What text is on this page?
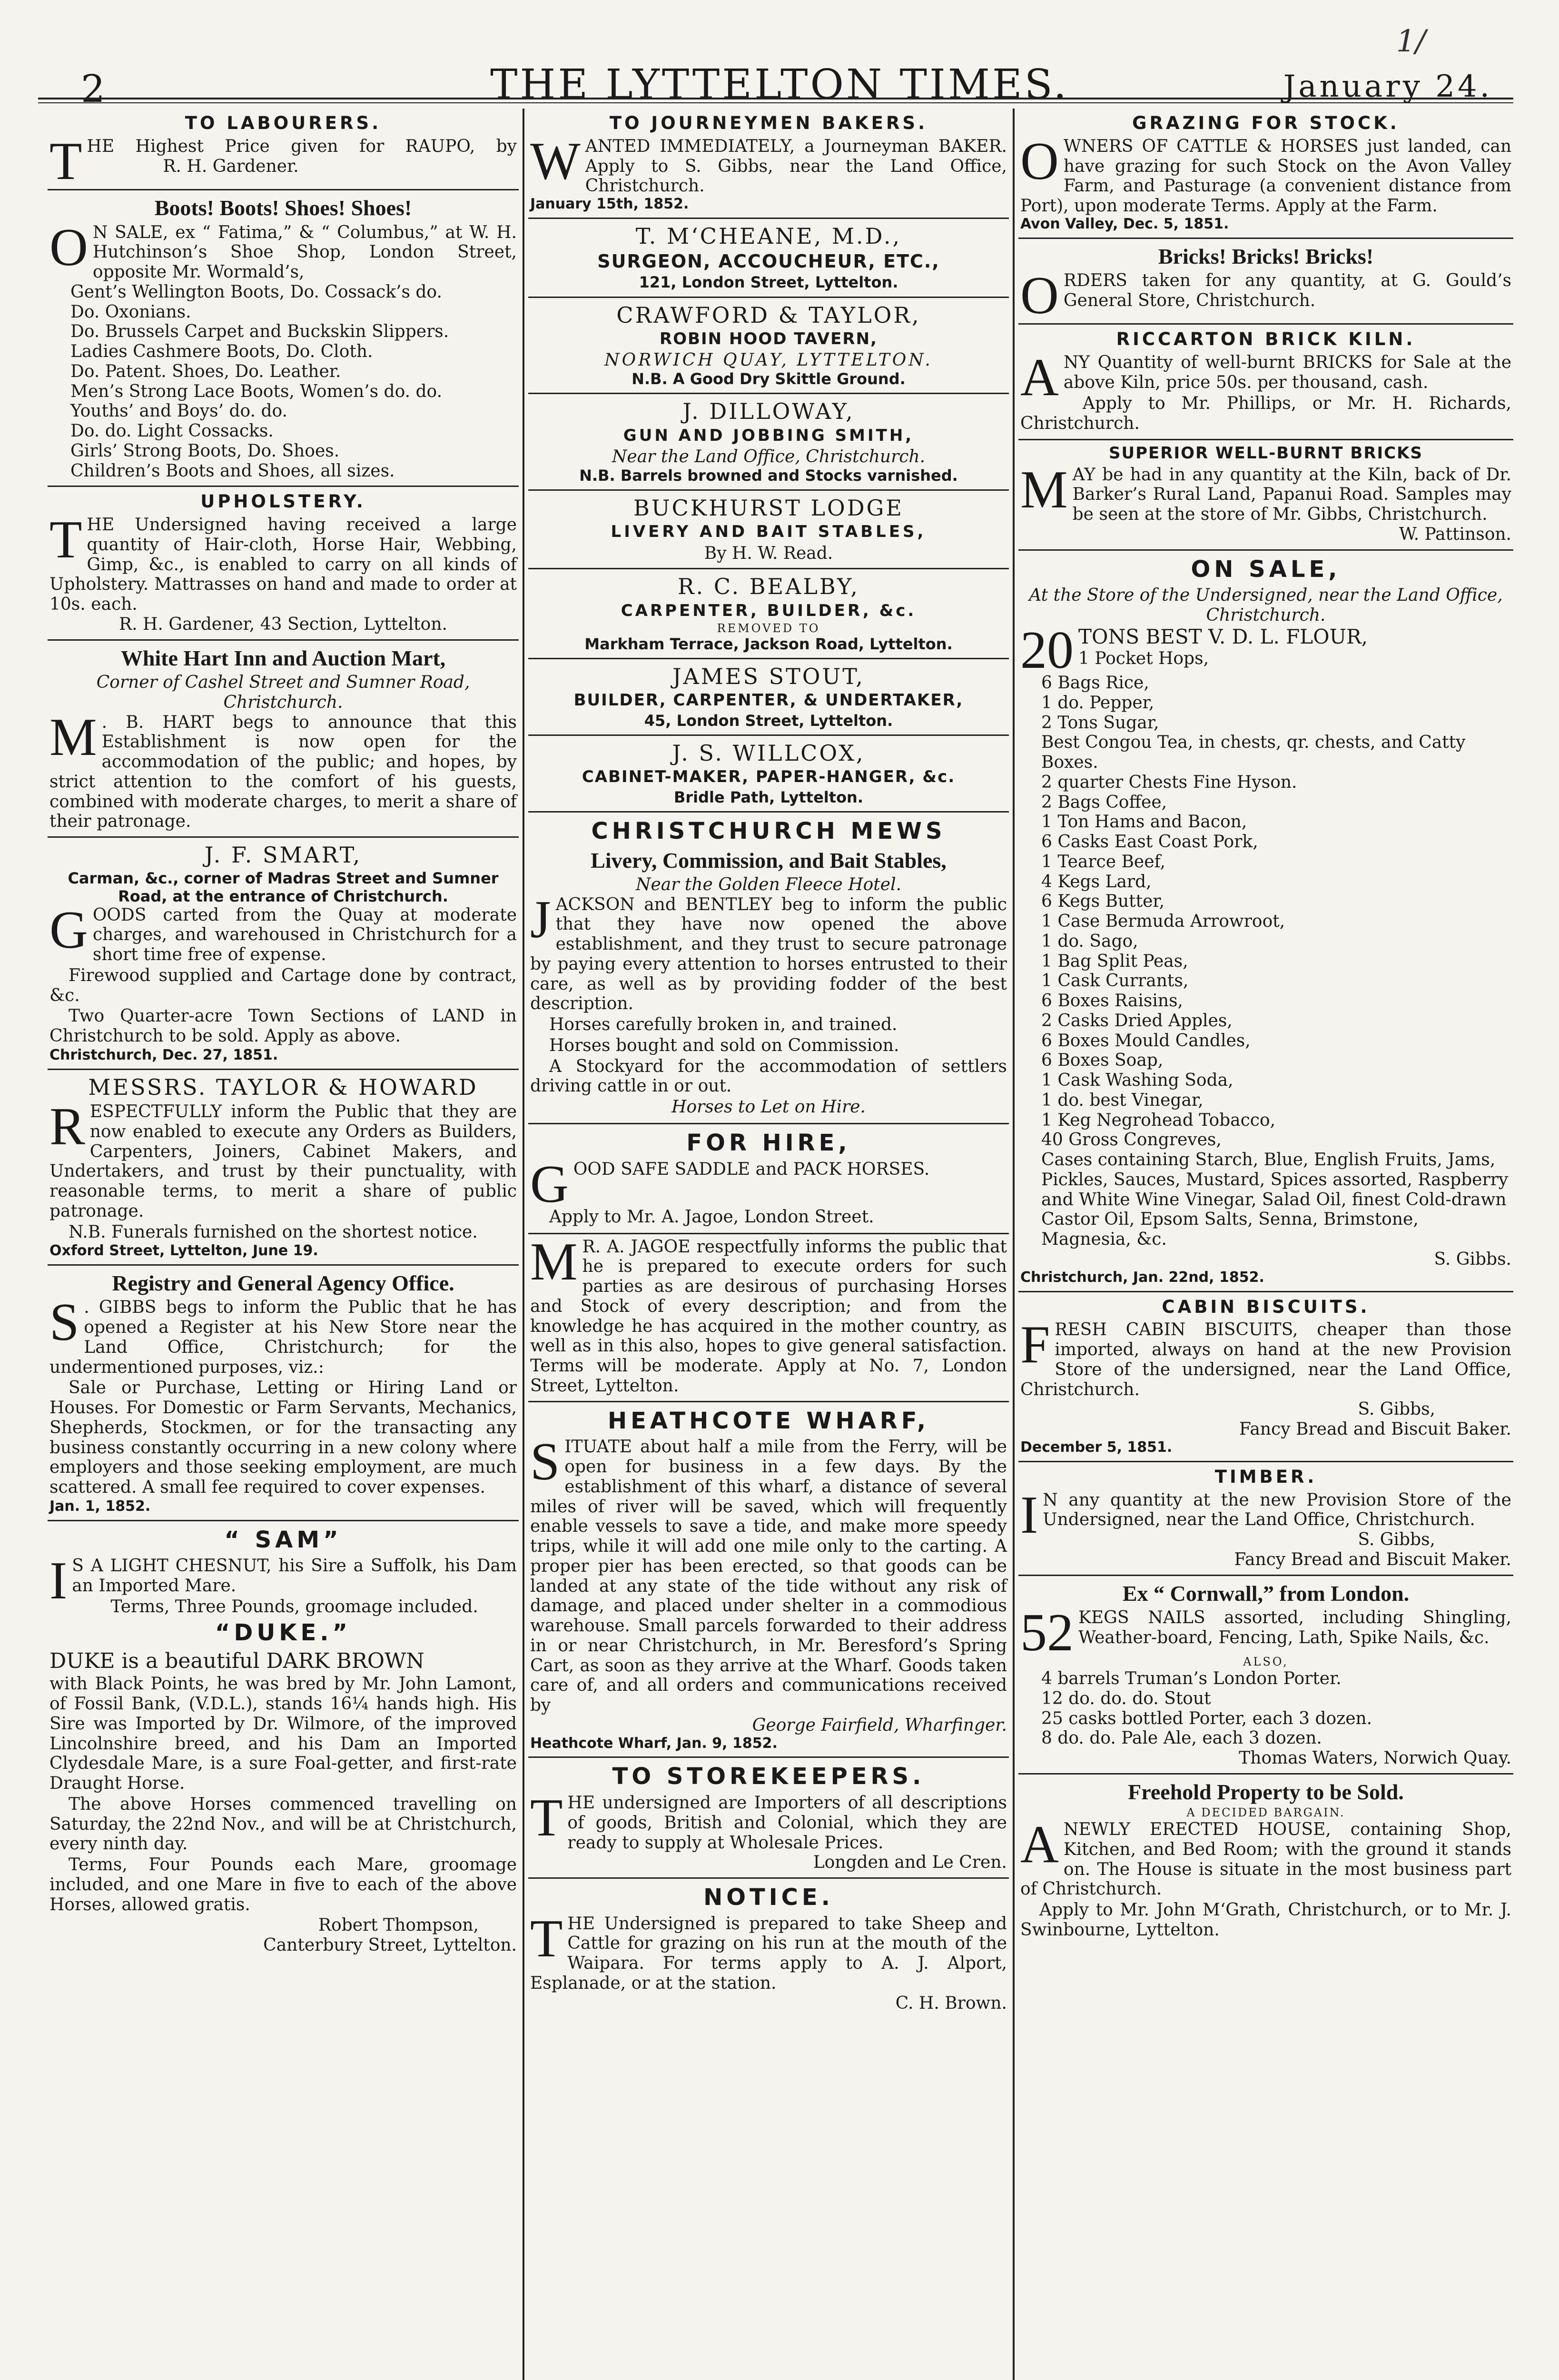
2
1/
THE LYTTELTON TIMES.	January 24.
TO LABOURERS.
T HE Highest Price given for RAUPO, by R. H. Gardener.
Boots! Boots! Shoes! Shoes!
O N SALE, ex “ Fatima,” & “ Columbus,” at W. H. Hutchinson’s Shoe Shop, London Street, opposite Mr. Wormald’s,
Gent’s Wellington Boots, Do. Cossack’s do.
Do. Oxonians.
Do. Brussels Carpet and Buckskin Slippers.
Ladies Cashmere Boots, Do. Cloth.
Do. Patent. Shoes, Do. Leather.
Men’s Strong Lace Boots, Women’s do. do.
Youths’ and Boys’ do. do.
Do. do. Light Cossacks.
Girls’ Strong Boots, Do. Shoes.
Children’s Boots and Shoes, all sizes.
UPHOLSTERY.
T HE Undersigned having received a large quantity of Hair-cloth, Horse Hair, Webbing, Gimp, &c., is enabled to carry on all kinds of Upholstery. Mattrasses on hand and made to order at 10s. each.
R. H. Gardener, 43 Section, Lyttelton.
White Hart Inn and Auction Mart,
Corner of Cashel Street and Sumner Road, Christchurch.
M . B. HART begs to announce that this Establishment is now open for the accommodation of the public; and hopes, by strict attention to the comfort of his guests, combined with moderate charges, to merit a share of their patronage.
J. F. SMART,
Carman, &c., corner of Madras Street and Sumner Road, at the entrance of Christchurch.
G OODS carted from the Quay at moderate charges, and warehoused in Christchurch for a short time free of expense.

Firewood supplied and Cartage done by contract, &c.

Two Quarter-acre Town Sections of LAND in Christchurch to be sold. Apply as above.

Christchurch, Dec. 27, 1851.
MESSRS. TAYLOR & HOWARD
R ESPECTFULLY inform the Public that they are now enabled to execute any Orders as Builders, Carpenters, Joiners, Cabinet Makers, and Undertakers, and trust by their punctuality, with reasonable terms, to merit a share of public patronage.

N.B. Funerals furnished on the shortest notice.

Oxford Street, Lyttelton, June 19.
Registry and General Agency Office.
S . GIBBS begs to inform the Public that he has opened a Register at his New Store near the Land Office, Christchurch; for the undermentioned purposes, viz.:

Sale or Purchase, Letting or Hiring Land or Houses. For Domestic or Farm Servants, Mechanics, Shepherds, Stockmen, or for the transacting any business constantly occurring in a new colony where employers and those seeking employment, are much scattered. A small fee required to cover expenses.

Jan. 1, 1852.
“ SAM”
I S A LIGHT CHESNUT, his Sire a Suffolk, his Dam an Imported Mare.

Terms, Three Pounds, groomage included.

“DUKE.”

DUKE is a beautiful DARK BROWN

with Black Points, he was bred by Mr. John Lamont, of Fossil Bank, (V.D.L.), stands 16¼ hands high. His Sire was Imported by Dr. Wilmore, of the improved Lincolnshire breed, and his Dam an Imported Clydesdale Mare, is a sure Foal-getter, and first-rate Draught Horse.

The above Horses commenced travelling on Saturday, the 22nd Nov., and will be at Christchurch, every ninth day.

Terms, Four Pounds each Mare, groomage included, and one Mare in five to each of the above Horses, allowed gratis.

Robert Thompson,
Canterbury Street, Lyttelton.
TO JOURNEYMEN BAKERS.
W ANTED IMMEDIATELY, a Journeyman BAKER. Apply to S. Gibbs, near the Land Office, Christchurch.
January 15th, 1852.
T. M‘CHEANE, M.D.,
SURGEON, ACCOUCHEUR, ETC.,
121, London Street, Lyttelton.
CRAWFORD & TAYLOR,
ROBIN HOOD TAVERN,
NORWICH QUAY, LYTTELTON.
N.B. A Good Dry Skittle Ground.
J. DILLOWAY,
GUN AND JOBBING SMITH,
Near the Land Office, Christchurch.
N.B. Barrels browned and Stocks varnished.
BUCKHURST LODGE
LIVERY AND BAIT STABLES,
By H. W. Read.
R. C. BEALBY,
CARPENTER, BUILDER, &c.
REMOVED TO
Markham Terrace, Jackson Road, Lyttelton.
JAMES STOUT,
BUILDER, CARPENTER, & UNDERTAKER,
45, London Street, Lyttelton.
J. S. WILLCOX,
CABINET-MAKER, PAPER-HANGER, &c.
Bridle Path, Lyttelton.
CHRISTCHURCH MEWS
Livery, Commission, and Bait Stables,
Near the Golden Fleece Hotel.
J ACKSON and BENTLEY beg to inform the public that they have now opened the above establishment, and they trust to secure patronage by paying every attention to horses entrusted to their care, as well as by providing fodder of the best description.

Horses carefully broken in, and trained.

Horses bought and sold on Commission.

A Stockyard for the accommodation of settlers driving cattle in or out.

Horses to Let on Hire.

FOR HIRE,
G OOD SAFE SADDLE and PACK HORSES.

Apply to Mr. A. Jagoe, London Street.

M R. A. JAGOE respectfully informs the public that he is prepared to execute orders for such parties as are desirous of purchasing Horses and Stock of every description; and from the knowledge he has acquired in the mother country, as well as in this also, hopes to give general satisfaction. Terms will be moderate. Apply at No. 7, London Street, Lyttelton.
HEATHCOTE WHARF,
S ITUATE about half a mile from the Ferry, will be open for business in a few days. By the establishment of this wharf, a distance of several miles of river will be saved, which will frequently enable vessels to save a tide, and make more speedy trips, while it will add one mile only to the carting. A proper pier has been erected, so that goods can be landed at any state of the tide without any risk of damage, and placed under shelter in a commodious warehouse. Small parcels forwarded to their address in or near Christchurch, in Mr. Beresford’s Spring Cart, as soon as they arrive at the Wharf. Goods taken care of, and all orders and communications received by
George Fairfield, Wharfinger.
Heathcote Wharf, Jan. 9, 1852.
TO STOREKEEPERS.
T HE undersigned are Importers of all descriptions of goods, British and Colonial, which they are ready to supply at Wholesale Prices.
Longden and Le Cren.
NOTICE.
T HE Undersigned is prepared to take Sheep and Cattle for grazing on his run at the mouth of the Waipara. For terms apply to A. J. Alport, Esplanade, or at the station.
C. H. Brown.
GRAZING FOR STOCK.
O WNERS OF CATTLE & HORSES just landed, can have grazing for such Stock on the Avon Valley Farm, and Pasturage (a convenient distance from Port), upon moderate Terms. Apply at the Farm.
Avon Valley, Dec. 5, 1851.
Bricks! Bricks! Bricks!
O RDERS taken for any quantity, at G. Gould’s General Store, Christchurch.
RICCARTON BRICK KILN.
A NY Quantity of well-burnt BRICKS for Sale at the above Kiln, price 50s. per thousand, cash.

Apply to Mr. Phillips, or Mr. H. Richards, Christchurch.

SUPERIOR WELL-BURNT BRICKS
M AY be had in any quantity at the Kiln, back of Dr. Barker’s Rural Land, Papanui Road. Samples may be seen at the store of Mr. Gibbs, Christchurch.
W. Pattinson.
ON SALE,
At the Store of the Undersigned, near the Land Office, Christchurch.
20 TONS BEST V. D. L. FLOUR,
1 Pocket Hops,
6 Bags Rice,
1 do. Pepper,
2 Tons Sugar,
Best Congou Tea, in chests, qr. chests, and Catty Boxes.
2 quarter Chests Fine Hyson.
2 Bags Coffee,
1 Ton Hams and Bacon,
6 Casks East Coast Pork,
1 Tearce Beef,
4 Kegs Lard,
6 Kegs Butter,
1 Case Bermuda Arrowroot,
1 do. Sago,
1 Bag Split Peas,
1 Cask Currants,
6 Boxes Raisins,
2 Casks Dried Apples,
6 Boxes Mould Candles,
6 Boxes Soap,
1 Cask Washing Soda,
1 do. best Vinegar,
1 Keg Negrohead Tobacco,
40 Gross Congreves,
Cases containing Starch, Blue, English Fruits, Jams, Pickles, Sauces, Mustard, Spices assorted, Raspberry and White Wine Vinegar, Salad Oil, finest Cold-drawn Castor Oil, Epsom Salts, Senna, Brimstone, Magnesia, &c.
S. Gibbs.
Christchurch, Jan. 22nd, 1852.
CABIN BISCUITS.
F RESH CABIN BISCUITS, cheaper than those imported, always on hand at the new Provision Store of the undersigned, near the Land Office, Christchurch.
S. Gibbs,
Fancy Bread and Biscuit Baker.
December 5, 1851.
TIMBER.
I N any quantity at the new Provision Store of the Undersigned, near the Land Office, Christchurch.
S. Gibbs,
Fancy Bread and Biscuit Maker.
Ex “ Cornwall,” from London.
52 KEGS NAILS assorted, including Shingling, Weather-board, Fencing, Lath, Spike Nails, &c.
ALSO,
4 barrels Truman’s London Porter.
12 do. do. do. Stout
25 casks bottled Porter, each 3 dozen.
8 do. do. Pale Ale, each 3 dozen.
Thomas Waters, Norwich Quay.
Freehold Property to be Sold.
A DECIDED BARGAIN.
A NEWLY ERECTED HOUSE, containing Shop, Kitchen, and Bed Room; with the ground it stands on. The House is situate in the most business part of Christchurch.

Apply to Mr. John M‘Grath, Christchurch, or to Mr. J. Swinbourne, Lyttelton.
